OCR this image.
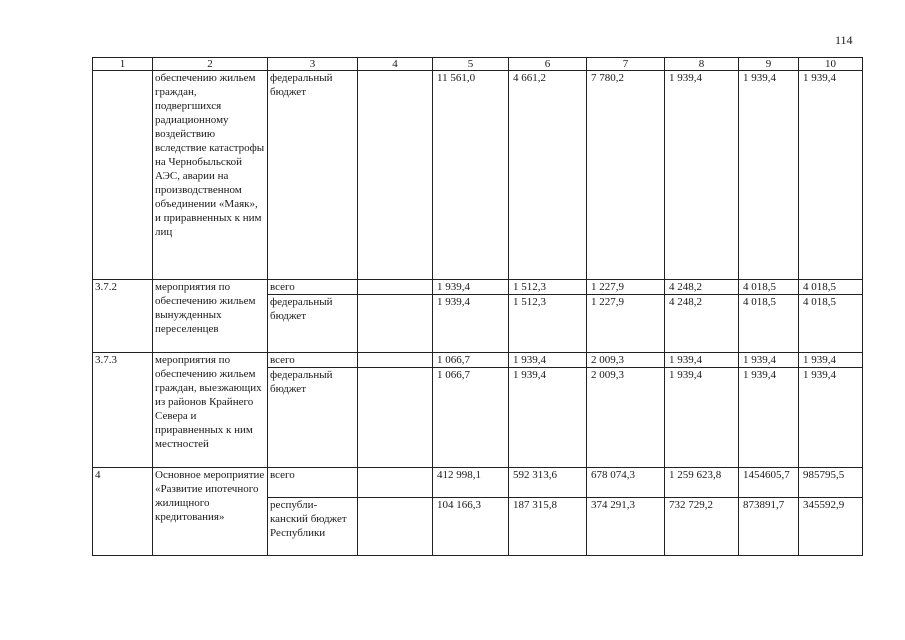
114
1	2	3	4	5	6	7	8	9	10
	обеспечению жильем граждан, подвергшихся радиационному воздействию вследствие катастрофы на Чернобыльской АЭС, аварии на производственном объединении «Маяк», и приравненных к ним лиц	федеральный бюджет		11 561,0	4 661,2	7 780,2	1 939,4	1 939,4	1 939,4
3.7.2	мероприятия по обеспечению жильем вынужденных переселенцев	всего		1 939,4	1 512,3	1 227,9	4 248,2	4 018,5	4 018,5
		федеральный бюджет		1 939,4	1 512,3	1 227,9	4 248,2	4 018,5	4 018,5
3.7.3	мероприятия по обеспечению жильем граждан, выезжающих из районов Крайнего Севера и приравненных к ним местностей	всего		1 066,7	1 939,4	2 009,3	1 939,4	1 939,4	1 939,4
		федеральный бюджет		1 066,7	1 939,4	2 009,3	1 939,4	1 939,4	1 939,4
4	Основное мероприятие «Развитие ипотечного жилищного кредитования»	всего		412 998,1	592 313,6	678 074,3	1 259 623,8	1454605,7	985795,5
		республи-канский бюджет Республики		104 166,3	187 315,8	374 291,3	732 729,2	873891,7	345592,9
